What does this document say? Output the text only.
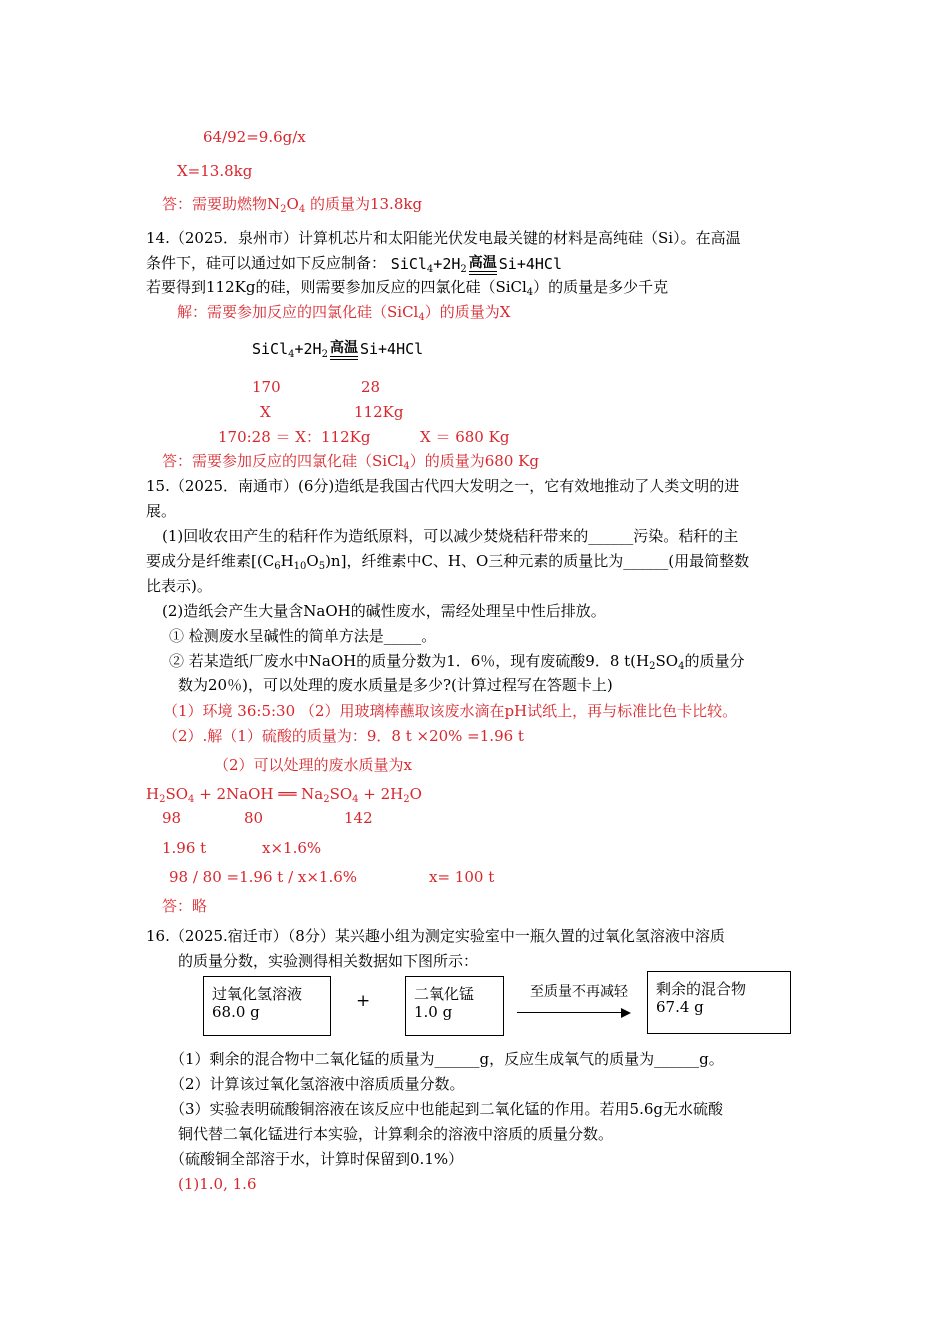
64/92=9.6g/x
X=13.8kg
答：需要助燃物$N_2O_4$ 的质量为13.8kg
14.（2025．泉州市）计算机芯片和太阳能光伏发电最关键的材料是高纯硅（Si）。在高温
条件下，硅可以通过如下反应制备： $SiCl_4+2H_2$ 高温 Si+4HCl
若要得到112Kg的硅，则需要参加反应的四氯化硅（SiCl$_4$）的质量是多少千克
解：需要参加反应的四氯化硅（SiCl$_4$）的质量为X
$SiCl_4+2H_2$ 高温 Si+4HCl
170	28
X	112Kg
170:28 ＝ X：112Kg	X ＝ 680 Kg
答：需要参加反应的四氯化硅（SiCl$_4$）的质量为680 Kg
15.（2025．南通市）(6分)造纸是我国古代四大发明之一，它有效地推动了人类文明的进
展。
(1)回收农田产生的秸秆作为造纸原料，可以减少焚烧秸秆带来的______污染。秸秆的主
要成分是纤维素$[(C_6H_{10}O_5)n]$，纤维素中C、H、O三种元素的质量比为______(用最简整数
比表示)。
(2)造纸会产生大量含NaOH的碱性废水，需经处理呈中性后排放。
① 检测废水呈碱性的简单方法是_____。
② 若某造纸厂废水中NaOH的质量分数为1．6％，现有废硫酸9．8 $t(H_2SO_4$的质量分
数为20％)，可以处理的废水质量是多少?(计算过程写在答题卡上)
（1）环境 36:5:30 （2）用玻璃棒蘸取该废水滴在pH试纸上，再与标准比色卡比较。
（2）.解（1）硫酸的质量为：9．8 t ×20% =1.96 t
（2）可以处理的废水质量为x
$H_2SO_4$ + 2NaOH ══ $Na_2SO_4 + 2H_2O$
98	80	142
1.96 t	x×1.6%
98 / 80 =1.96 t / x×1.6%	x= 100 t
答：略
16.（2025.宿迁市）（8分）某兴趣小组为测定实验室中一瓶久置的过氧化氢溶液中溶质
的质量分数，实验测得相关数据如下图所示：
过氧化氢溶液
68.0 g
+	二氧化锰
1.0 g
至质量不再减轻 剩余的混合物
67.4 g
（1）剩余的混合物中二氧化锰的质量为______g，反应生成氧气的质量为______g。
（2）计算该过氧化氢溶液中溶质质量分数。
（3）实验表明硫酸铜溶液在该反应中也能起到二氧化锰的作用。若用5.6g无水硫酸
铜代替二氧化锰进行本实验，计算剩余的溶液中溶质的质量分数。
（硫酸铜全部溶于水，计算时保留到0.1%）
(1)1.0, 1.6
